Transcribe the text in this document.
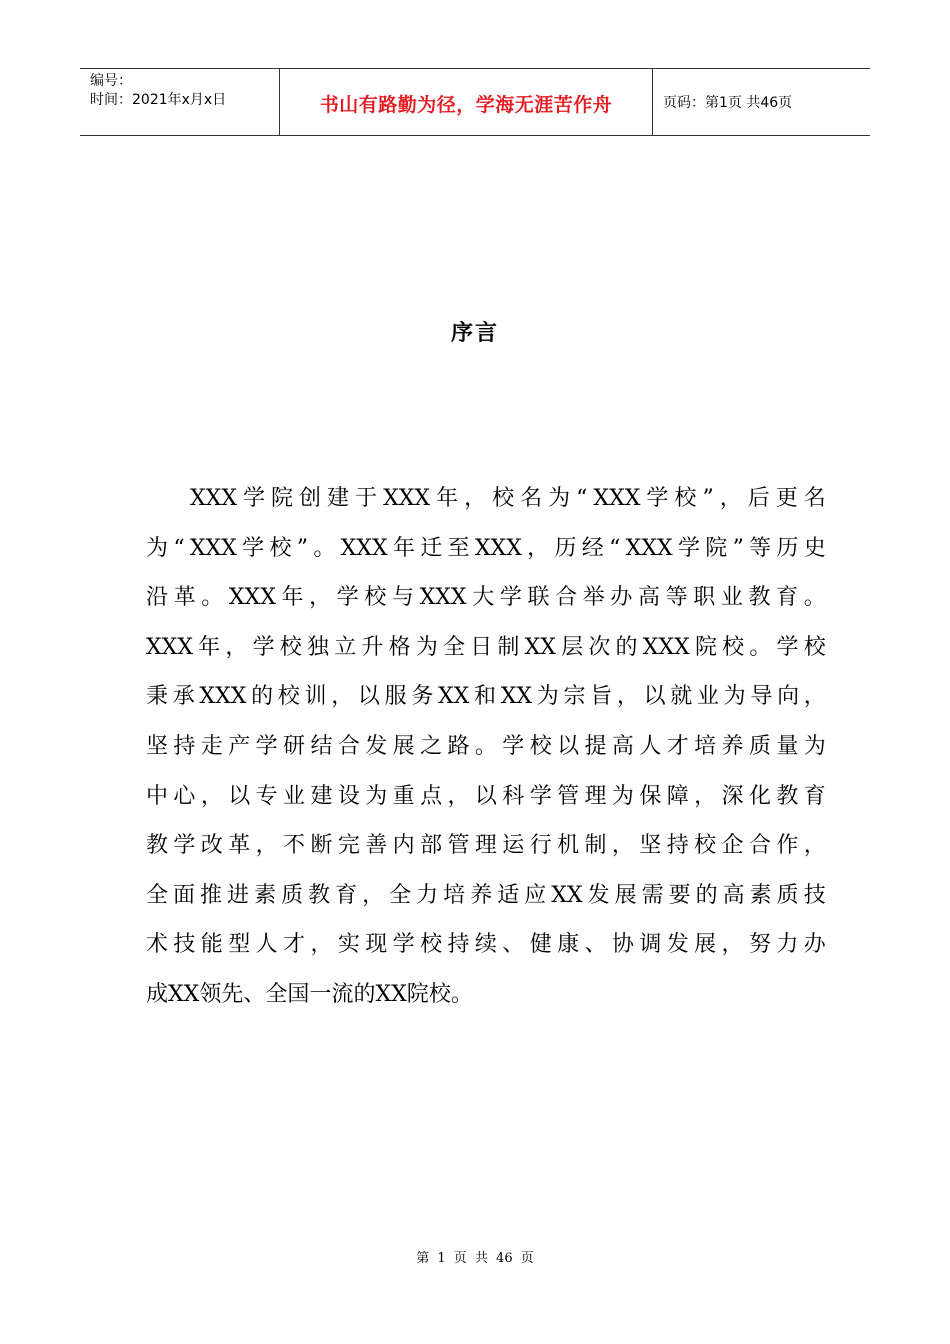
编号：
时间：2021年x月x日	书山有路勤为径，学海无涯苦作舟	页码：第1页 共46页
序言
XXX 学 院 创 建 于 XXX 年 ， 校 名 为 “ XXX 学 校 ” ， 后 更 名
为 “ XXX 学 校 ” 。 XXX 年 迁 至 XXX ， 历 经 “ XXX 学 院 ” 等 历 史
沿 革 。 XXX 年 ， 学 校 与 XXX 大 学 联 合 举 办 高 等 职 业 教 育 。
XXX 年 ， 学 校 独 立 升 格 为 全 日 制 XX 层 次 的 XXX 院 校 。 学 校
秉 承 XXX 的 校 训 ， 以 服 务 XX 和 XX 为 宗 旨 ， 以 就 业 为 导 向 ，
坚 持 走 产 学 研 结 合 发 展 之 路 。 学 校 以 提 高 人 才 培 养 质 量 为
中 心 ， 以 专 业 建 设 为 重 点 ， 以 科 学 管 理 为 保 障 ， 深 化 教 育
教 学 改 革 ， 不 断 完 善 内 部 管 理 运 行 机 制 ， 坚 持 校 企 合 作 ，
全 面 推 进 素 质 教 育 ， 全 力 培 养 适 应 XX 发 展 需 要 的 高 素 质 技
术 技 能 型 人 才 ， 实 现 学 校 持 续 、 健 康 、 协 调 发 展 ， 努 力 办
成 XX 领 先 、 全 国 一 流 的 XX 院 校 。
第 1 页 共 46 页
